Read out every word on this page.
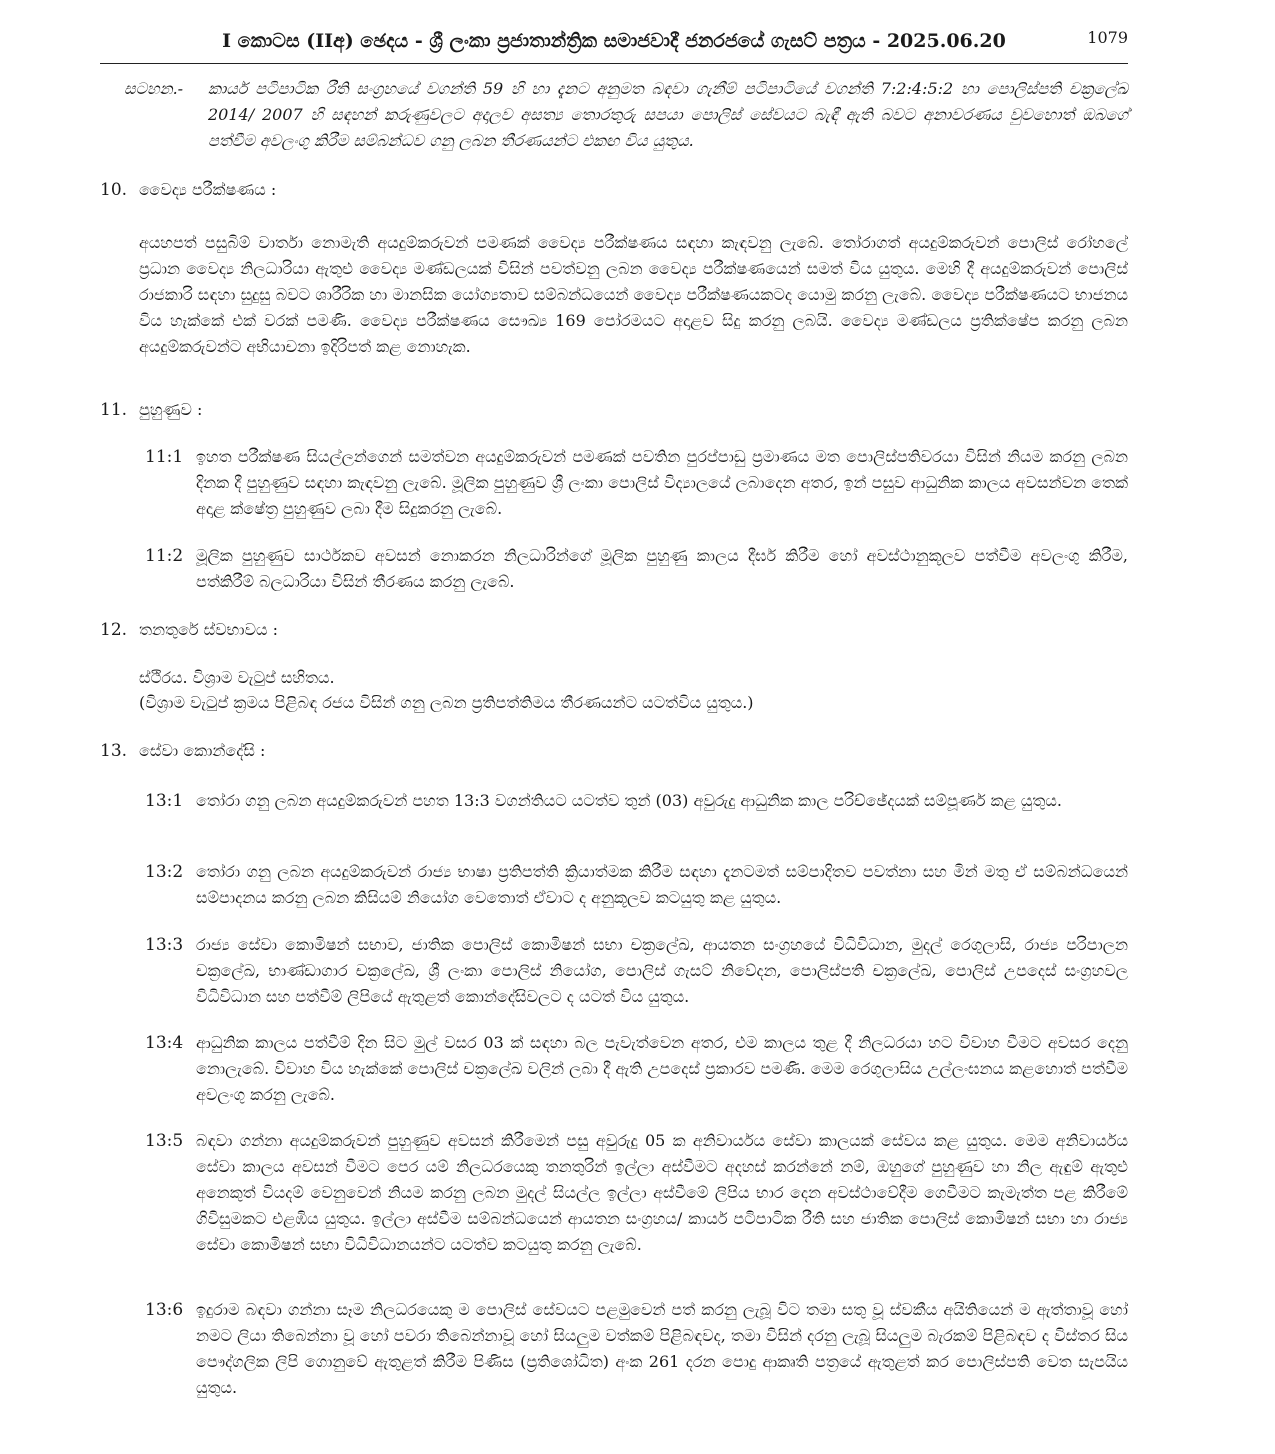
I කොටස (IIඅ) ඡෙදය - ශ්‍රී ලංකා ප්‍රජාතාන්ත්‍රික සමාජවාදී ජනරජයේ ගැසට් පත්‍රය - 2025.06.20	1079
සටහන.- කාර්ය පටිපාටික රීති සංග්‍රහයේ වගන්ති 59 හි හා දැනට අනුමත බඳවා ගැනීම් පටිපාටියේ වගන්ති 7:2:4:5:2 හා පොලිස්පති චක්‍රලේඛ 2014/ 2007 හි සඳහන් කරුණුවලට අදාලව අසත්‍ය තොරතුරු සපයා පොලිස් සේවයට බැඳී ඇති බවට අනාවරණය වුවහොත් ඔබගේ පත්වීම අවලංගු කිරීම සම්බන්ධව ගනු ලබන තීරණයන්ට එකඟ විය යුතුය.
10. වෛද්‍ය පරීක්ෂණය :
අයහපත් පසුබිම් වාර්තා නොමැති අයදුම්කරුවන් පමණක් වෛද්‍ය පරීක්ෂණය සඳහා කැඳවනු ලැබේ. තෝරාගත් අයදුම්කරුවන් පොලිස් රෝහලේ ප්‍රධාන වෛද්‍ය නිලධාරියා ඇතුළු වෛද්‍ය මණ්ඩලයක් විසින් පවත්වනු ලබන වෛද්‍ය පරීක්ෂණයෙන් සමත් විය යුතුය. මෙහි දී අයදුම්කරුවන් පොලිස් රාජකාරි සඳහා සුදුසු බවට ශාරීරික හා මානසික යෝග්‍යතාව සම්බන්ධයෙන් වෛද්‍ය පරීක්ෂණයකටද යොමු කරනු ලැබේ. වෛද්‍ය පරීක්ෂණයට භාජනය විය හැක්කේ එක් වරක් පමණි. වෛද්‍ය පරීක්ෂණය සෞඛ්‍ය 169 පෝරමයට අදාළව සිදු කරනු ලබයි. වෛද්‍ය මණ්ඩලය ප්‍රතික්ෂේප කරනු ලබන අයදුම්කරුවන්ට අභියාචනා ඉදිරිපත් කළ නොහැක.
11. පුහුණුව :
11:1 ඉහත පරීක්ෂණ සියල්ලන්ගෙන් සමත්වන අයදුම්කරුවන් පමණක් පවතින පුරප්පාඩු ප්‍රමාණය මත පොලිස්පතිවරයා විසින් නියම කරනු ලබන දිනක දී පුහුණුව සඳහා කැඳවනු ලැබේ. මූලික පුහුණුව ශ්‍රී ලංකා පොලිස් විද්‍යාලයේ ලබාදෙන අතර, ඉන් පසුව ආධුනික කාලය අවසන්වන තෙක් අදාළ ක්ෂේත්‍ර පුහුණුව ලබා දීම සිදුකරනු ලැබේ.
11:2 මූලික පුහුණුව සාර්ථකව අවසන් නොකරන නිලධාරින්ගේ මූලික පුහුණු කාලය දීර්ඝ කිරීම හෝ අවස්ථානුකූලව පත්වීම අවලංගු කිරීම, පත්කිරීම් බලධාරියා විසින් තීරණය කරනු ලැබේ.
12. තනතුරේ ස්වභාවය :
ස්ථිරය. විශ්‍රාම වැටුප් සහිතය.
(විශ්‍රාම වැටුප් ක්‍රමය පිළිබඳ රජය විසින් ගනු ලබන ප්‍රතිපත්තිමය තීරණයන්ට යටත්විය යුතුය.)
13. සේවා කොන්දේසි :
13:1 තෝරා ගනු ලබන අයදුම්කරුවන් පහත 13:3 වගන්තියට යටත්ව තුන් (03) අවුරුදු ආධුනික කාල පරිච්ඡේදයක් සම්පූර්ණ කළ යුතුය.
13:2 තෝරා ගනු ලබන අයදුම්කරුවන් රාජ්‍ය භාෂා ප්‍රතිපත්ති ක්‍රියාත්මක කිරීම සඳහා දැනටමත් සම්පාදිතව පවත්නා සහ මින් මතු ඒ සම්බන්ධයෙන් සම්පාදනය කරනු ලබන කිසියම් නියෝග වෙතොත් ඒවාට ද අනුකූලව කටයුතු කළ යුතුය.
13:3 රාජ්‍ය සේවා කොමිෂන් සභාව, ජාතික පොලිස් කොමිෂන් සභා චක්‍රලේඛ, ආයතන සංග්‍රහයේ විධිවිධාන, මුදල් රෙගුලාසි, රාජ්‍ය පරිපාලන චක්‍රලේඛ, භාණ්ඩාගාර චක්‍රලේඛ, ශ්‍රී ලංකා පොලිස් නියෝග, පොලිස් ගැසට් නිවේදන, පොලිස්පති චක්‍රලේඛ, පොලිස් උපදෙස් සංග්‍රහවල විධිවිධාන සහ පත්වීම් ලිපියේ ඇතුළත් කොන්දේසිවලට ද යටත් විය යුතුය.
13:4 ආධුනික කාලය පත්වීම් දින සිට මුල් වසර 03 ක් සඳහා බල පැවැත්වෙන අතර, එම කාලය තුළ දී නිලධරයා හට විවාහ වීමට අවසර දෙනු නොලැබේ. විවාහ විය හැක්කේ පොලිස් චක්‍රලේඛ වලින් ලබා දී ඇති උපදෙස් ප්‍රකාරව පමණි. මෙම රෙගුලාසිය උල්ලංඝනය කළහොත් පත්වීම අවලංගු කරනු ලැබේ.
13:5 බඳවා ගන්නා අයදුම්කරුවන් පුහුණුව අවසන් කිරීමෙන් පසු අවුරුදු 05 ක අනිවාර්යය සේවා කාලයක් සේවය කළ යුතුය. මෙම අනිවාර්යය සේවා කාලය අවසන් වීමට පෙර යම් නිලධරයෙකු තනතුරින් ඉල්ලා අස්වීමට අදහස් කරන්නේ නම්, ඔහුගේ පුහුණුව හා නිල ඇඳුම් ඇතුළු අනෙකුත් වියදම් වෙනුවෙන් නියම කරනු ලබන මුදල් සියල්ල ඉල්ලා අස්වීමේ ලිපිය භාර දෙන අවස්ථාවේදීම ගෙවීමට කැමැත්ත පළ කිරීමේ ගිවිසුමකට එළඹිය යුතුය. ඉල්ලා අස්වීම සම්බන්ධයෙන් ආයතන සංග්‍රහය/ කාර්ය පටිපාටික රීති සහ ජාතික පොලිස් කොමිෂන් සභා හා රාජ්‍ය සේවා කොමිෂන් සභා විධිවිධානයන්ට යටත්ව කටයුතු කරනු ලැබේ.
13:6 ඉදුරාම බඳවා ගන්නා සෑම නිලධරයෙකු ම පොලිස් සේවයට පළමුවෙන් පත් කරනු ලැබූ විට තමා සතු වූ ස්වකීය අයිතියෙන් ම ඇත්තාවූ හෝ නමට ලියා තිබෙන්නා වූ හෝ පවරා තිබෙන්නාවූ හෝ සියලුම වත්කම් පිළිබඳවද, තමා විසින් දරනු ලැබූ සියලුම බැරකම් පිළිබඳව ද විස්තර සිය පෞද්ගලික ලිපි ගොනුවේ ඇතුළත් කිරීම පිණිස (ප්‍රතිශෝධිත) අංක 261 දරන පොදු ආකෘති පත්‍රයේ ඇතුළත් කර පොලිස්පති වෙත සැපයිය යුතුය.
